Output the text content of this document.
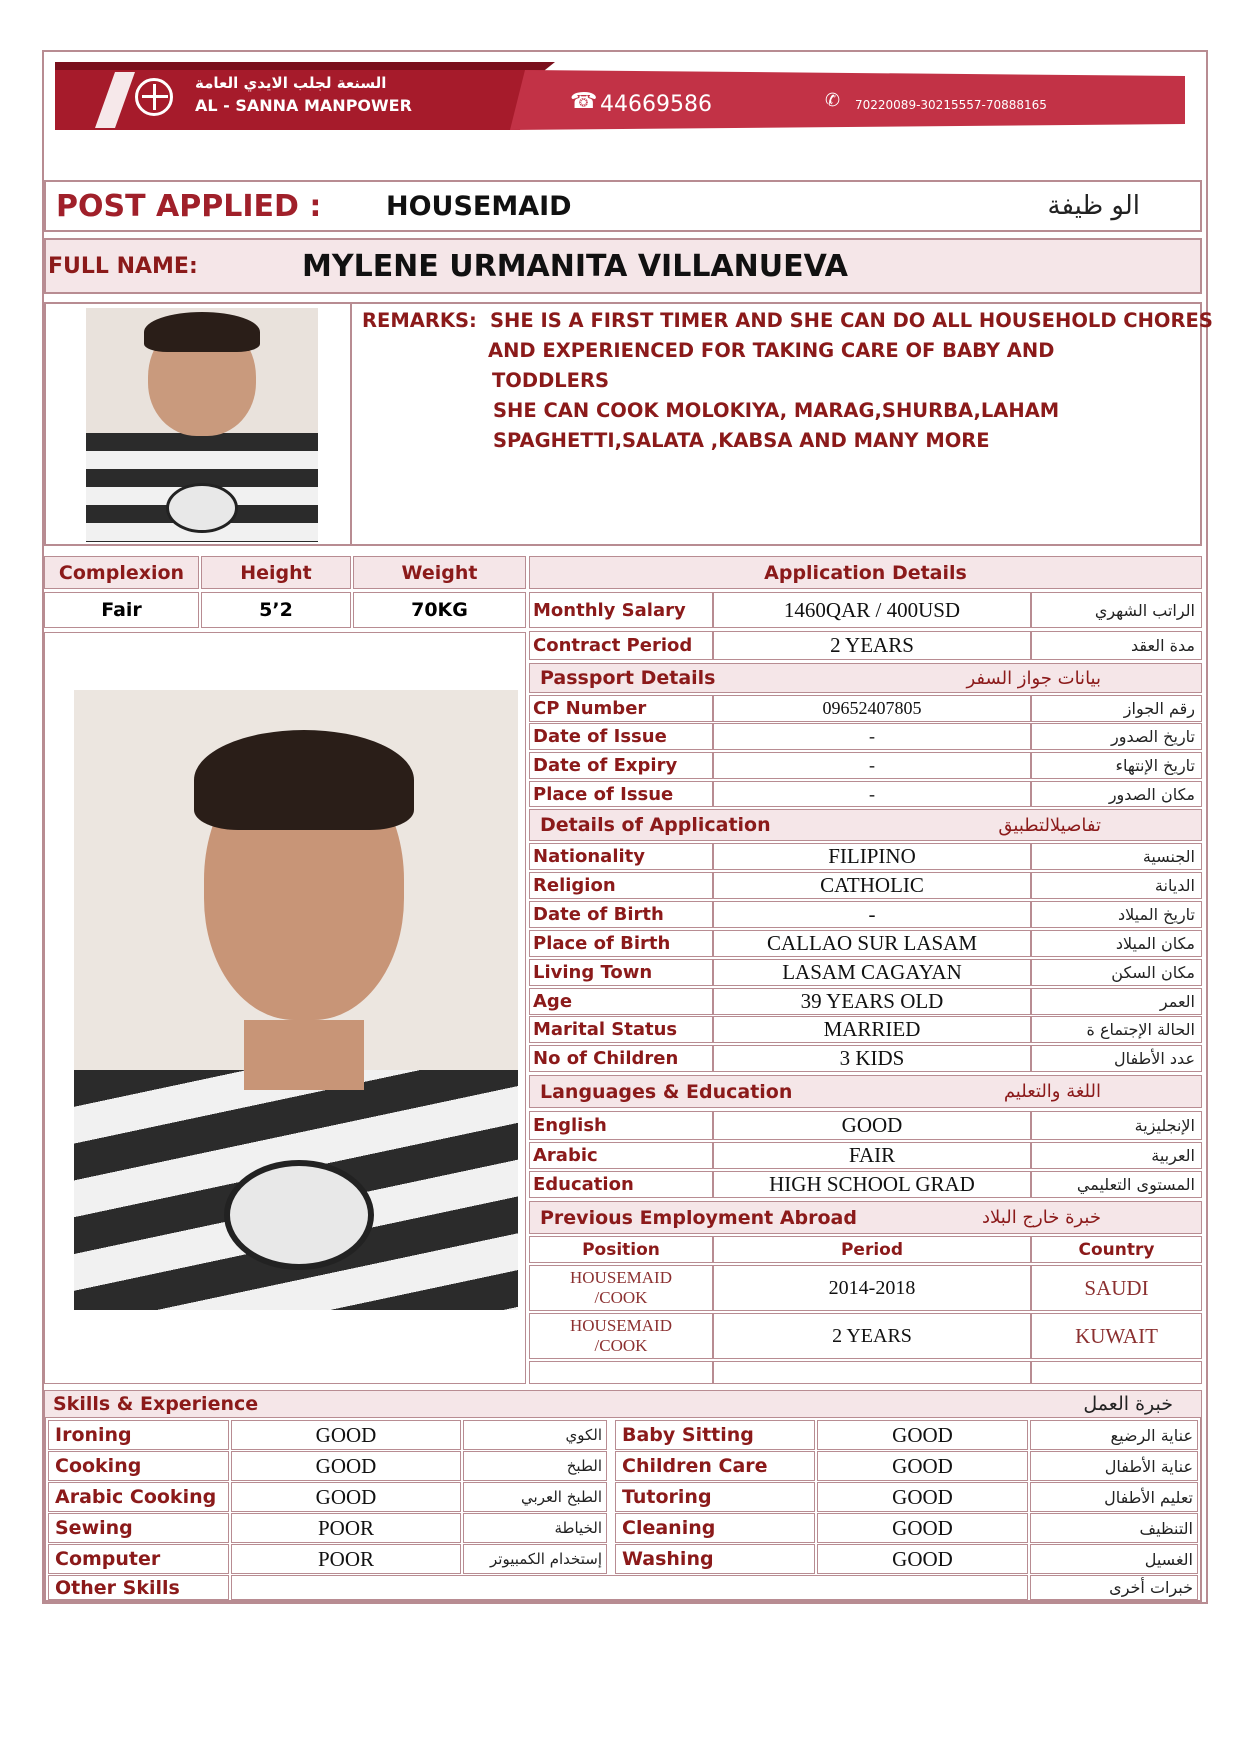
السنعة لجلب الايدي العامة
AL - SANNA MANPOWER	☎ 44669586	✆ 70220089-30215557-70888165
POST APPLIED : HOUSEMAID	الو ظيفة
FULL NAME:	MYLENE URMANITA VILLANUEVA
REMARKS: SHE IS A FIRST TIMER AND SHE CAN DO ALL HOUSEHOLD CHORES
AND EXPERIENCED FOR TAKING CARE OF BABY AND
TODDLERS
SHE CAN COOK MOLOKIYA, MARAG,SHURBA,LAHAM
SPAGHETTI,SALATA ,KABSA AND MANY MORE
Complexion	Height	Weight	Application Details
Fair	5’2	70KG	Monthly Salary	1460QAR / 400USD	الراتب الشهري
Contract Period	2 YEARS	مدة العقد
Passport Details	بيانات جواز السفر
CP Number	09652407805	رقم الجواز
Date of Issue	-	تاريخ الصدور
Date of Expiry	-	تاريخ الإنتهاء
Place of Issue	-	مكان الصدور
Details of Application	تفاصيلالتطبيق
Nationality	FILIPINO	الجنسية
Religion	CATHOLIC	الديانة
Date of Birth	-	تاريخ الميلاد
Place of Birth	CALLAO SUR LASAM	مكان الميلاد
Living Town	LASAM CAGAYAN	مكان السكن
Age	39 YEARS OLD	العمر
Marital Status	MARRIED	الحالة الإجتماع ة
No of Children	3 KIDS	عدد الأطفال
Languages & Education	اللغة والتعليم
English	GOOD	الإنجليزية
Arabic	FAIR	العربية
Education	HIGH SCHOOL GRAD	المستوى التعليمي
Previous Employment Abroad	خبرة خارج البلاد
Position	Period	Country
HOUSEMAID /COOK	2014-2018	SAUDI
HOUSEMAID /COOK	2 YEARS	KUWAIT
Skills & Experience	خبرة العمل
Ironing	GOOD	الكوي	Baby Sitting	GOOD	عناية الرضيع
Cooking	GOOD	الطبخ	Children Care	GOOD	عناية الأطفال
Arabic Cooking	GOOD	الطبخ العربي	Tutoring	GOOD	تعليم الأطفال
Sewing	POOR	الخياطة	Cleaning	GOOD	التنظيف
Computer	POOR	إستخدام الكمبيوتر	Washing	GOOD	الغسيل
Other Skills	خبرات أخرى
